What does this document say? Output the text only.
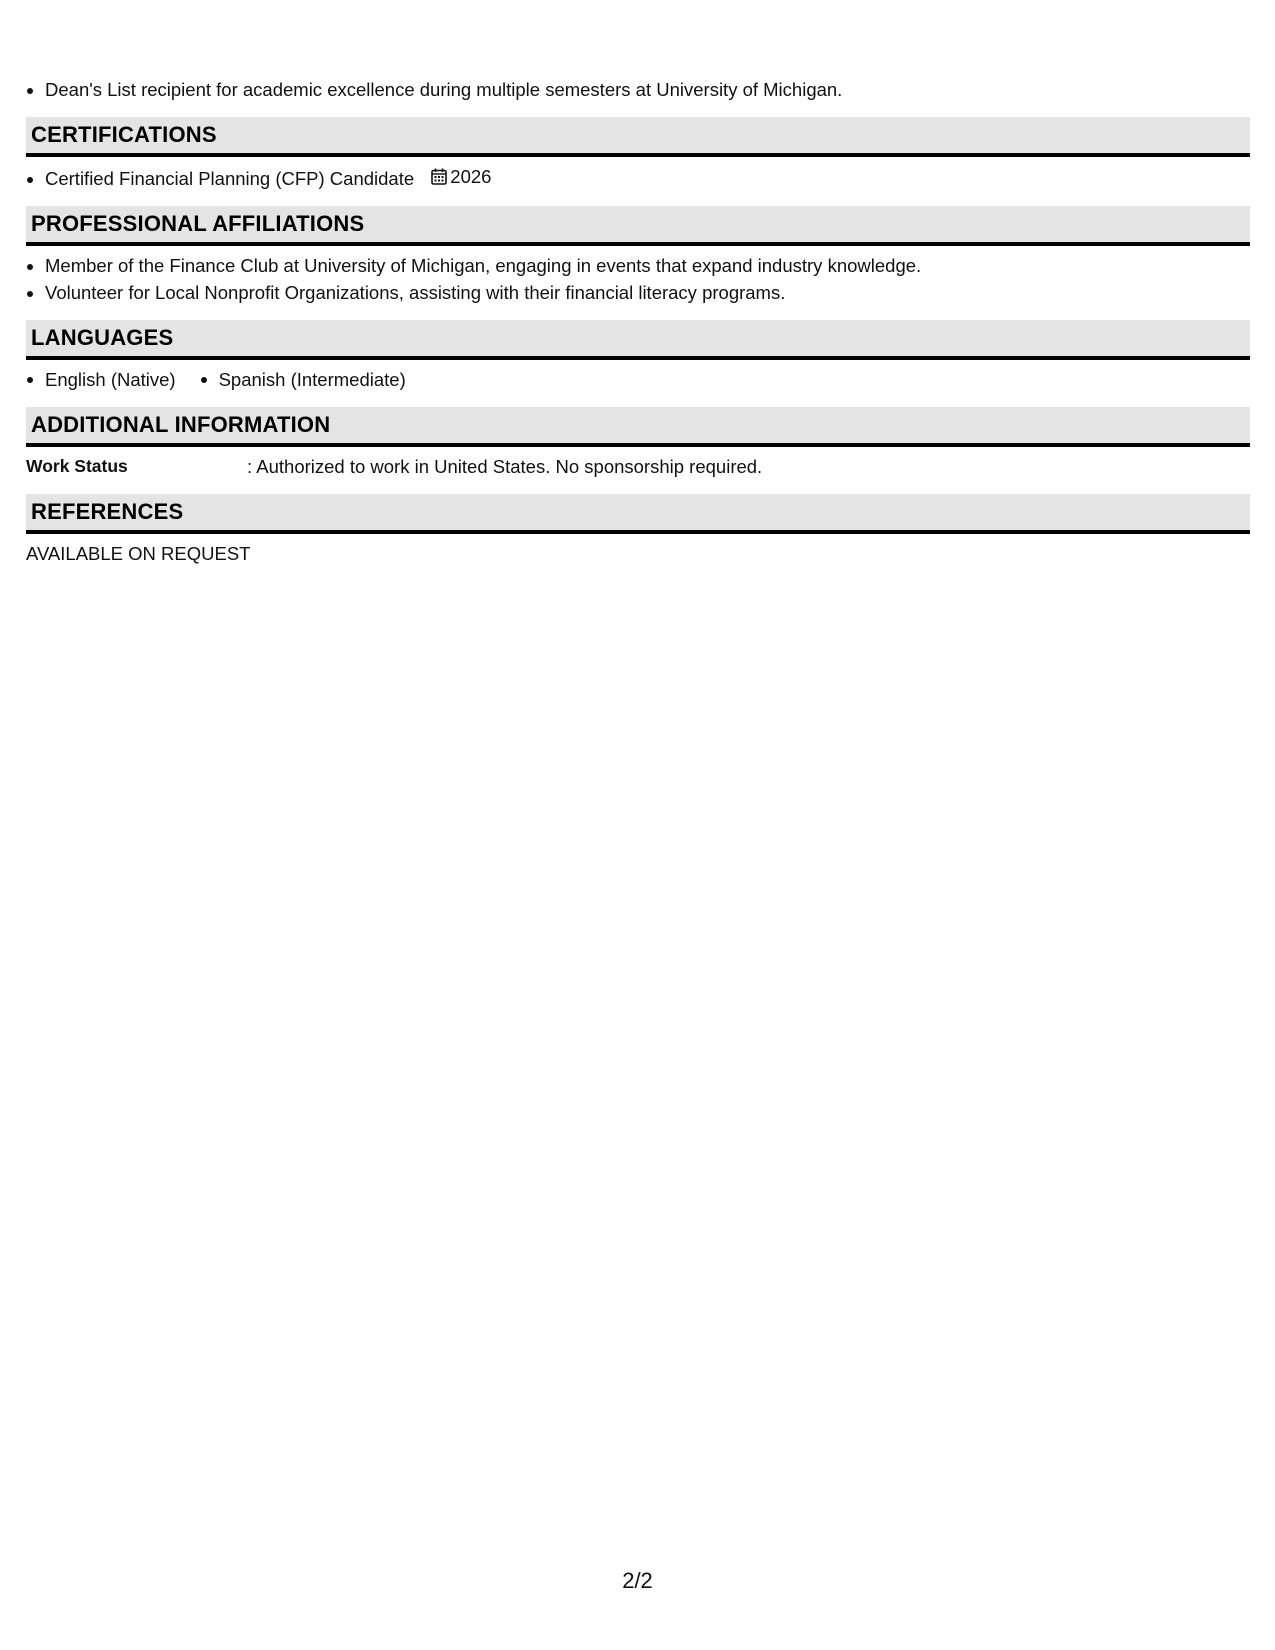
• Dean's List recipient for academic excellence during multiple semesters at University of Michigan.
CERTIFICATIONS
• Certified Financial Planning (CFP) Candidate 2026
PROFESSIONAL AFFILIATIONS
• Member of the Finance Club at University of Michigan, engaging in events that expand industry knowledge.
• Volunteer for Local Nonprofit Organizations, assisting with their financial literacy programs.
LANGUAGES
English (Native)	Spanish (Intermediate)
ADDITIONAL INFORMATION
Work Status	: Authorized to work in United States. No sponsorship required.
REFERENCES
AVAILABLE ON REQUEST
2/2
